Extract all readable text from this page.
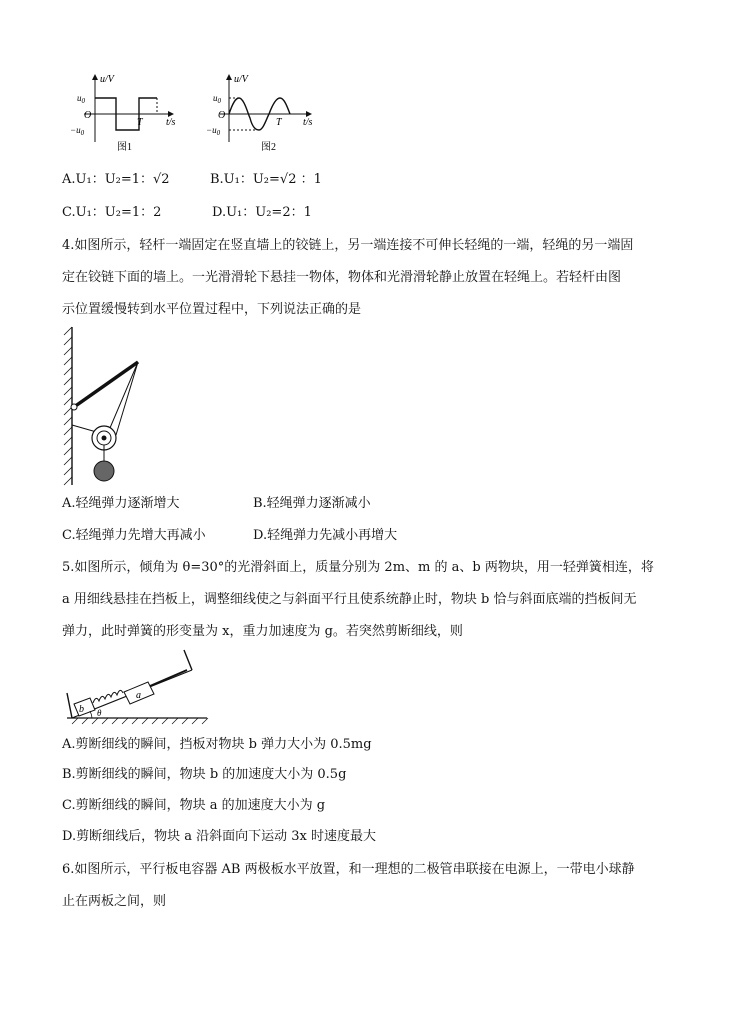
u/V
$u_0$
O
$-u_0$
T t/s
图1
u/V
$u_0$
O
$-u_0$
T t/s
图2
A.U₁：U₂=1：√2	B.U₁：U₂=√2 ：1
C.U₁：U₂=1：2	D.U₁：U₂=2：1
4.如图所示，轻杆一端固定在竖直墙上的铰链上，另一端连接不可伸长轻绳的一端，轻绳的另一端固
定在铰链下面的墙上。一光滑滑轮下悬挂一物体，物体和光滑滑轮静止放置在轻绳上。若轻杆由图
示位置缓慢转到水平位置过程中，下列说法正确的是
A.轻绳弹力逐渐增大	B.轻绳弹力逐渐减小
C.轻绳弹力先增大再减小	D.轻绳弹力先减小再增大
5.如图所示，倾角为 θ=30°的光滑斜面上，质量分别为 2m、m 的 a、b 两物块，用一轻弹簧相连，将
a 用细线悬挂在挡板上，调整细线使之与斜面平行且使系统静止时，物块 b 恰与斜面底端的挡板间无
弹力，此时弹簧的形变量为 x，重力加速度为 g。若突然剪断细线，则
b
a
θ
A.剪断细线的瞬间，挡板对物块 b 弹力大小为 0.5mg
B.剪断细线的瞬间，物块 b 的加速度大小为 0.5g
C.剪断细线的瞬间，物块 a 的加速度大小为 g
D.剪断细线后，物块 a 沿斜面向下运动 3x 时速度最大
6.如图所示，平行板电容器 AB 两极板水平放置，和一理想的二极管串联接在电源上，一带电小球静
止在两板之间，则
